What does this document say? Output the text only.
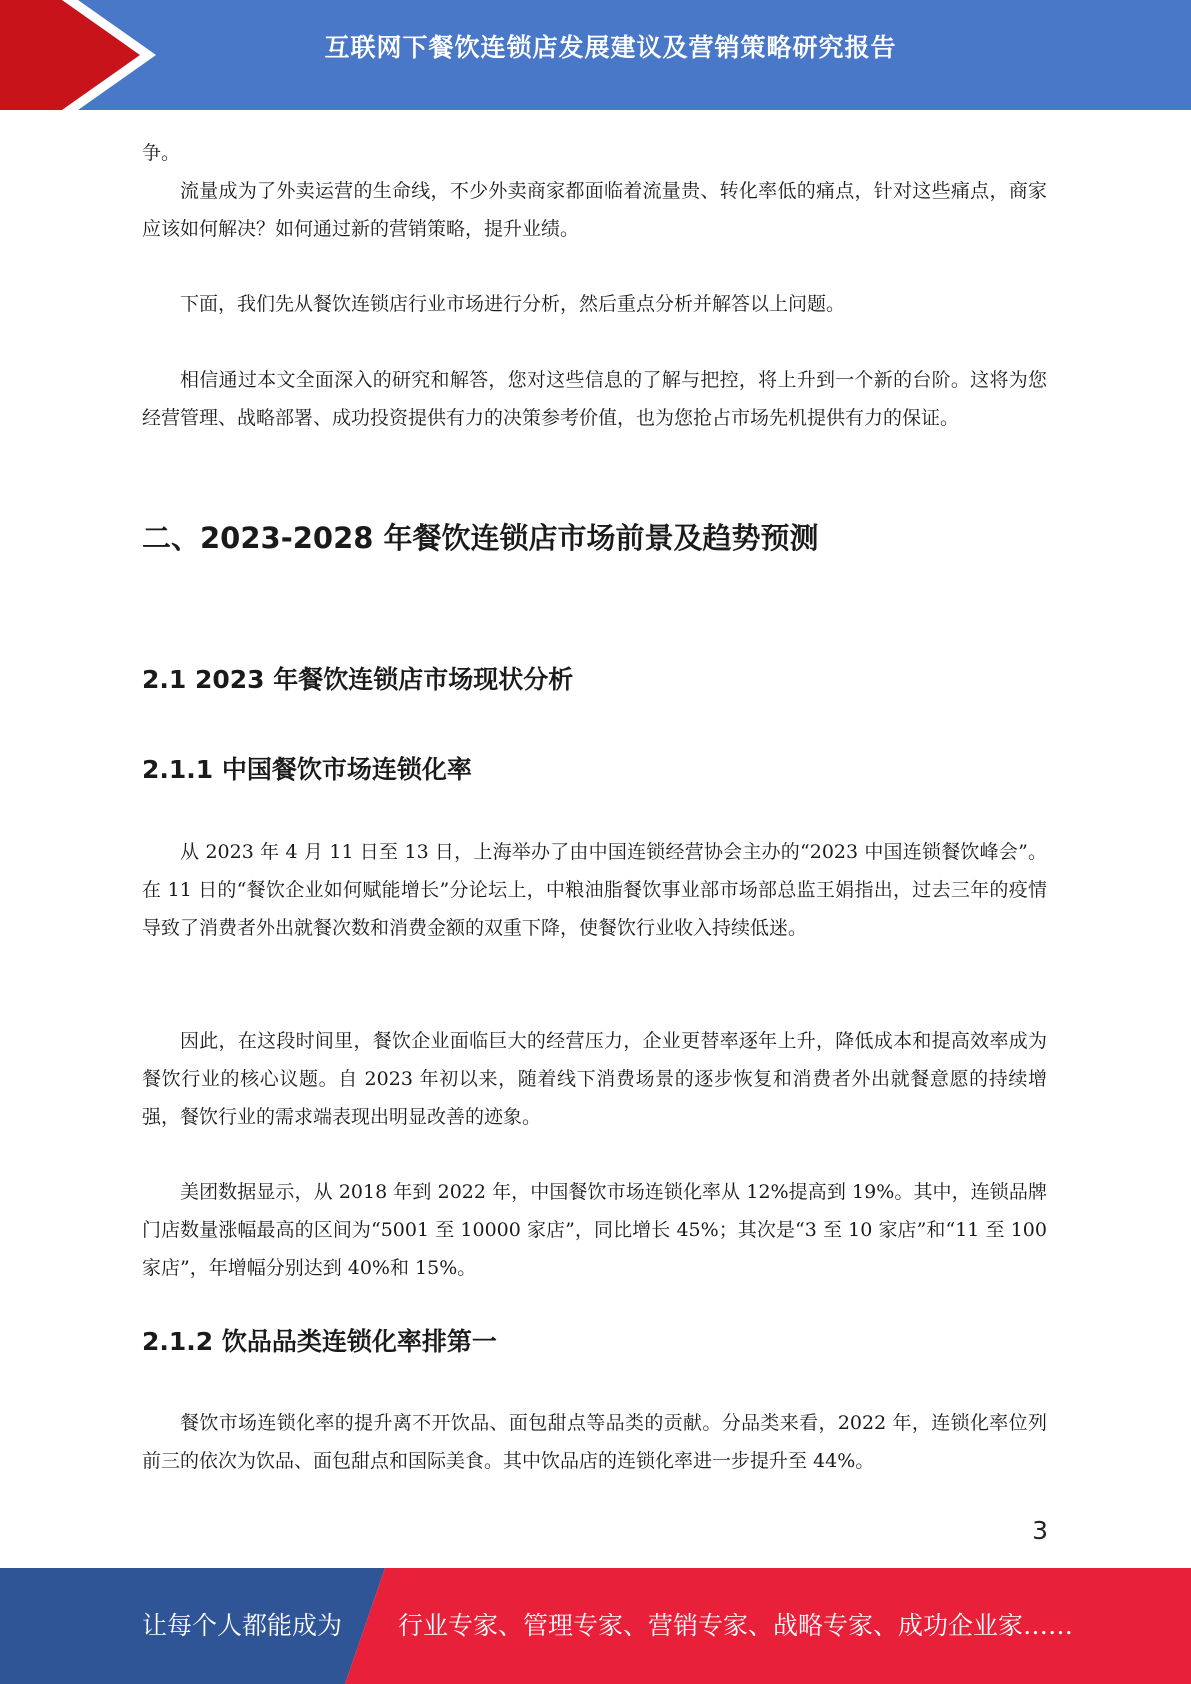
互联网下餐饮连锁店发展建议及营销策略研究报告

争。

流量成为了外卖运营的生命线，不少外卖商家都面临着流量贵、转化率低的痛点，针对这些痛点，商家应该如何解决？如何通过新的营销策略，提升业绩。

下面，我们先从餐饮连锁店行业市场进行分析，然后重点分析并解答以上问题。

相信通过本文全面深入的研究和解答，您对这些信息的了解与把控，将上升到一个新的台阶。这将为您经营管理、战略部署、成功投资提供有力的决策参考价值，也为您抢占市场先机提供有力的保证。

二、2023-2028 年餐饮连锁店市场前景及趋势预测
2.1 2023 年餐饮连锁店市场现状分析
2.1.1 中国餐饮市场连锁化率

从 2023 年 4 月 11 日至 13 日，上海举办了由中国连锁经营协会主办的“2023 中国连锁餐饮峰会”。在 11 日的“餐饮企业如何赋能增长”分论坛上，中粮油脂餐饮事业部市场部总监王娟指出，过去三年的疫情导致了消费者外出就餐次数和消费金额的双重下降，使餐饮行业收入持续低迷。

因此，在这段时间里，餐饮企业面临巨大的经营压力，企业更替率逐年上升，降低成本和提高效率成为餐饮行业的核心议题。自 2023 年初以来，随着线下消费场景的逐步恢复和消费者外出就餐意愿的持续增强，餐饮行业的需求端表现出明显改善的迹象。

美团数据显示，从 2018 年到 2022 年，中国餐饮市场连锁化率从 12%提高到 19%。其中，连锁品牌门店数量涨幅最高的区间为“5001 至 10000 家店”，同比增长 45%；其次是“3 至 10 家店”和“11 至 100 家店”，年增幅分别达到 40%和 15%。

2.1.2 饮品品类连锁化率排第一

餐饮市场连锁化率的提升离不开饮品、面包甜点等品类的贡献。分品类来看，2022 年，连锁化率位列前三的依次为饮品、面包甜点和国际美食。其中饮品店的连锁化率进一步提升至 44%。

3
让每个人都能成为 行业专家、管理专家、营销专家、战略专家、成功企业家……
